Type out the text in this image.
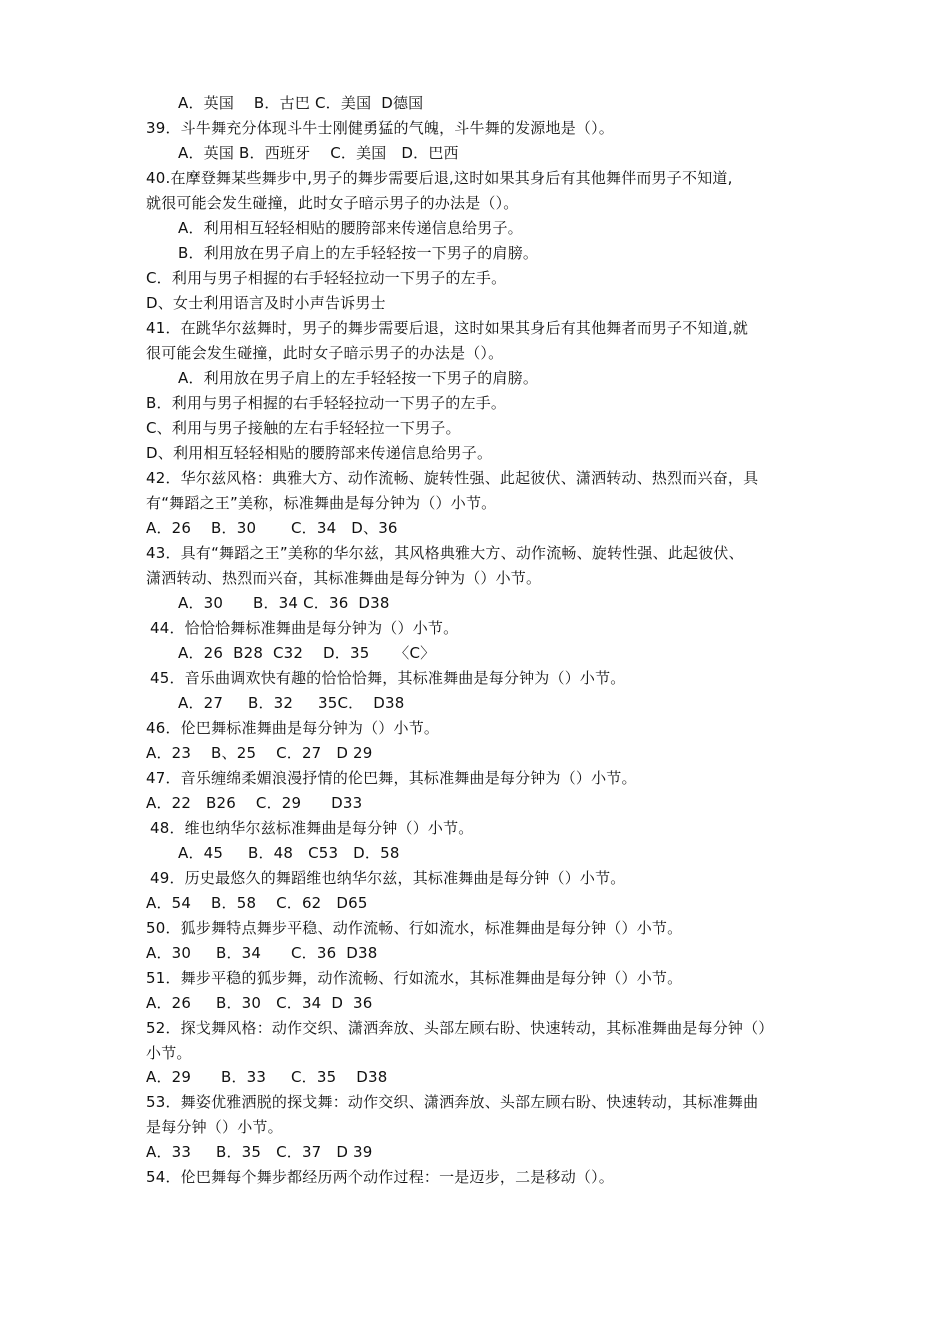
A．英国    B．古巴 C．美国  D德国
39．斗牛舞充分体现斗牛士刚健勇猛的气魄，斗牛舞的发源地是（）。
A．英国 B．西班牙    C．美国   D．巴西
40.在摩登舞某些舞步中,男子的舞步需要后退,这时如果其身后有其他舞伴而男子不知道,
就很可能会发生碰撞，此时女子暗示男子的办法是（）。
A．利用相互轻轻相贴的腰胯部来传递信息给男子。
B．利用放在男子肩上的左手轻轻按一下男子的肩膀。
C．利用与男子相握的右手轻轻拉动一下男子的左手。
D、女士利用语言及时小声告诉男士
41．在跳华尔兹舞时，男子的舞步需要后退，这时如果其身后有其他舞者而男子不知道,就
很可能会发生碰撞，此时女子暗示男子的办法是（）。
A．利用放在男子肩上的左手轻轻按一下男子的肩膀。
B．利用与男子相握的右手轻轻拉动一下男子的左手。
C、利用与男子接触的左右手轻轻拉一下男子。
D、利用相互轻轻相贴的腰胯部来传递信息给男子。
42．华尔兹风格：典雅大方、动作流畅、旋转性强、此起彼伏、潇洒转动、热烈而兴奋，具
有“舞蹈之王”美称，标准舞曲是每分钟为（）小节。
A．26    B．30       C．34   D、36
43．具有“舞蹈之王”美称的华尔兹，其风格典雅大方、动作流畅、旋转性强、此起彼伏、
潇洒转动、热烈而兴奋，其标准舞曲是每分钟为（）小节。
A．30      B．34 C．36  D38
44．恰恰恰舞标准舞曲是每分钟为（）小节。
A．26  B28  C32    D．35     〈C〉
45．音乐曲调欢快有趣的恰恰恰舞，其标准舞曲是每分钟为（）小节。
A．27     B．32     35C．  D38
46．伦巴舞标准舞曲是每分钟为（）小节。
A．23    B、25    C．27   D 29
47．音乐缠绵柔媚浪漫抒情的伦巴舞，其标准舞曲是每分钟为（）小节。
A．22   B26    C．29      D33
48．维也纳华尔兹标准舞曲是每分钟（）小节。
A．45     B．48   C53   D．58
49．历史最悠久的舞蹈维也纳华尔兹，其标准舞曲是每分钟（）小节。
A．54    B．58    C．62   D65
50．狐步舞特点舞步平稳、动作流畅、行如流水，标准舞曲是每分钟（）小节。
A．30     B．34      C．36  D38
51．舞步平稳的狐步舞，动作流畅、行如流水，其标准舞曲是每分钟（）小节。
A．26     B．30   C．34  D  36
52．探戈舞风格：动作交织、潇洒奔放、头部左顾右盼、快速转动，其标准舞曲是每分钟（）
小节。
A．29      B．33     C．35    D38
53．舞姿优雅洒脱的探戈舞：动作交织、潇洒奔放、头部左顾右盼、快速转动，其标准舞曲
是每分钟（）小节。
A．33     B．35   C．37   D 39
54．伦巴舞每个舞步都经历两个动作过程：一是迈步，二是移动（）。
